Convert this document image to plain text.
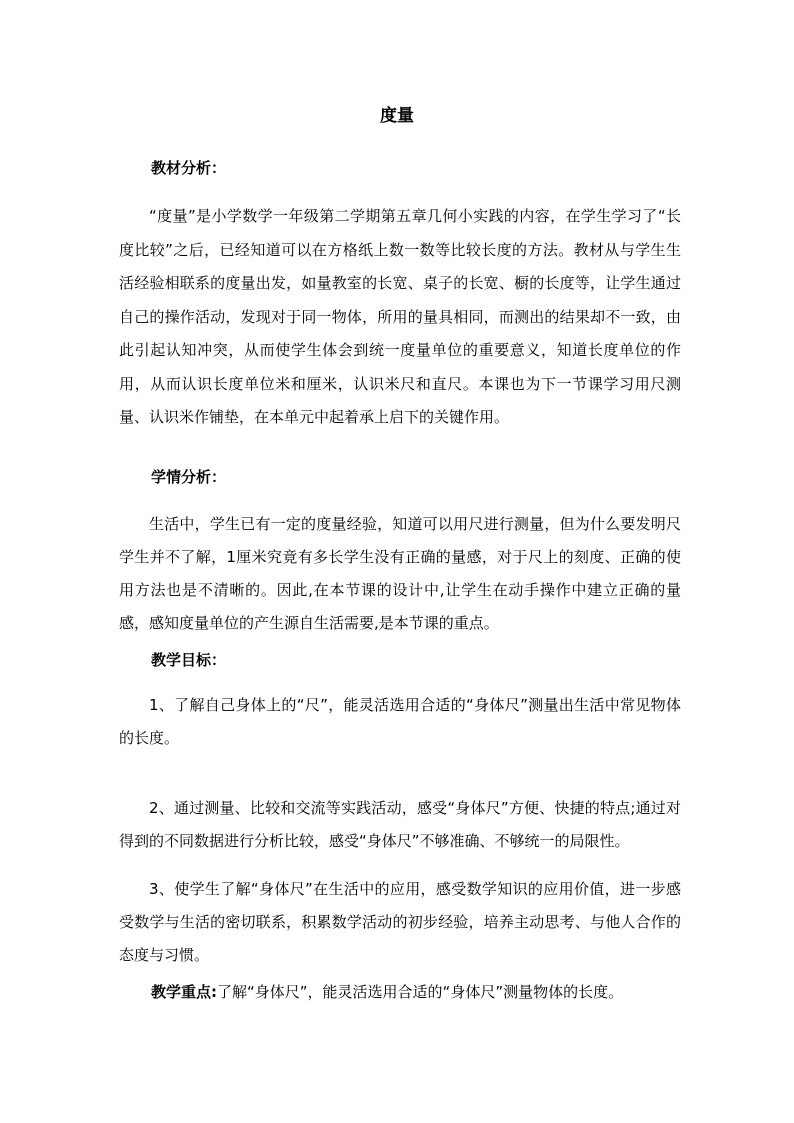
度量
教材分析：

“度量”是小学数学一年级第二学期第五章几何小实践的内容，在学生学习了“长度比较”之后，已经知道可以在方格纸上数一数等比较长度的方法。教材从与学生生活经验相联系的度量出发，如量教室的长宽、桌子的长宽、橱的长度等，让学生通过自己的操作活动，发现对于同一物体，所用的量具相同，而测出的结果却不一致，由此引起认知冲突，从而使学生体会到统一度量单位的重要意义，知道长度单位的作用，从而认识长度单位米和厘米，认识米尺和直尺。本课也为下一节课学习用尺测量、认识米作铺垫，在本单元中起着承上启下的关键作用。

学情分析：

生活中，学生已有一定的度量经验，知道可以用尺进行测量，但为什么要发明尺学生并不了解，1厘米究竟有多长学生没有正确的量感，对于尺上的刻度、正确的使用方法也是不清晰的。因此,在本节课的设计中,让学生在动手操作中建立正确的量感，感知度量单位的产生源自生活需要,是本节课的重点。

教学目标：

1、了解自己身体上的“尺”，能灵活选用合适的“身体尺”测量出生活中常见物体的长度。

2、通过测量、比较和交流等实践活动，感受“身体尺”方便、快捷的特点;通过对得到的不同数据进行分析比较，感受“身体尺”不够准确、不够统一的局限性。

3、使学生了解“身体尺”在生活中的应用，感受数学知识的应用价值，进一步感受数学与生活的密切联系，积累数学活动的初步经验，培养主动思考、与他人合作的态度与习惯。

教学重点:了解“身体尺”，能灵活选用合适的“身体尺”测量物体的长度。
